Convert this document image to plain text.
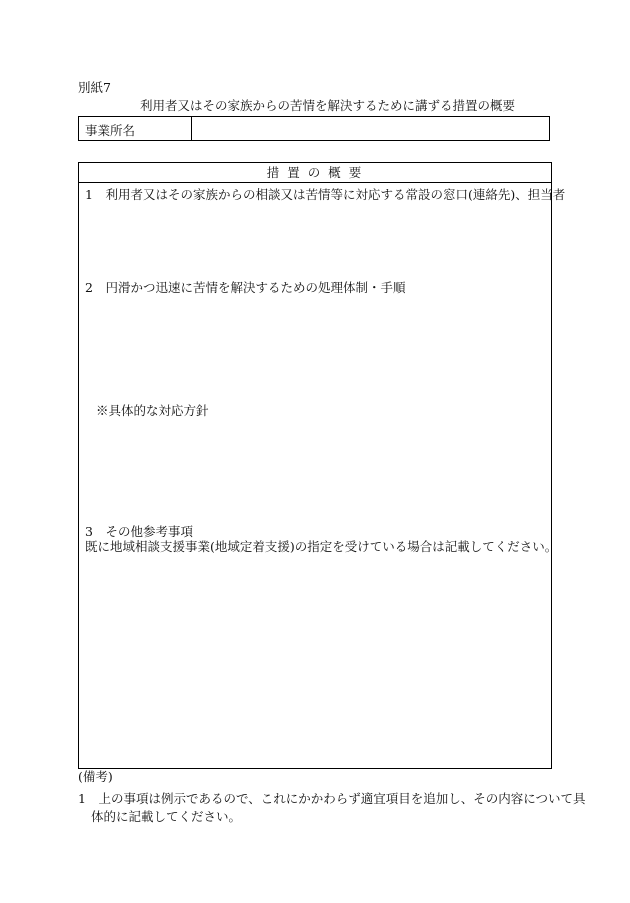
別紙7
利用者又はその家族からの苦情を解決するために講ずる措置の概要
事業所名
措 置 の 概 要
1　利用者又はその家族からの相談又は苦情等に対応する常設の窓口(連絡先)、担当者
2　円滑かつ迅速に苦情を解決するための処理体制・手順
※具体的な対応方針
3　その他参考事項
既に地域相談支援事業(地域定着支援)の指定を受けている場合は記載してください。
(備考)
1　上の事項は例示であるので、これにかかわらず適宜項目を追加し、その内容について具
体的に記載してください。
